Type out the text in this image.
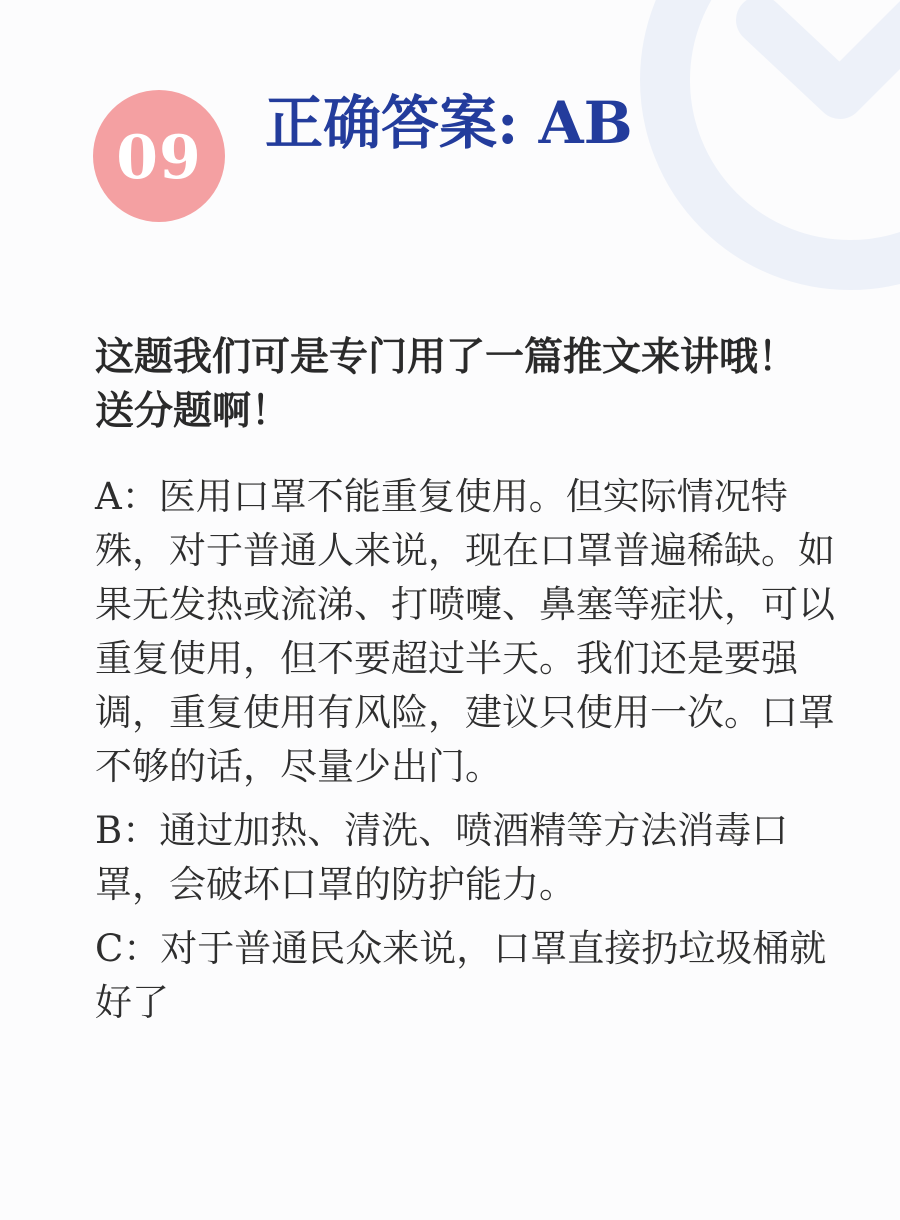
09 正确答案: AB

这题我们可是专门用了一篇推文来讲哦！送分题啊！

A：医用口罩不能重复使用。但实际情况特殊，对于普通人来说，现在口罩普遍稀缺。如果无发热或流涕、打喷嚏、鼻塞等症状，可以重复使用，但不要超过半天。我们还是要强调，重复使用有风险，建议只使用一次。口罩不够的话，尽量少出门。

B：通过加热、清洗、喷酒精等方法消毒口罩，会破坏口罩的防护能力。

C：对于普通民众来说，口罩直接扔垃圾桶就好了
